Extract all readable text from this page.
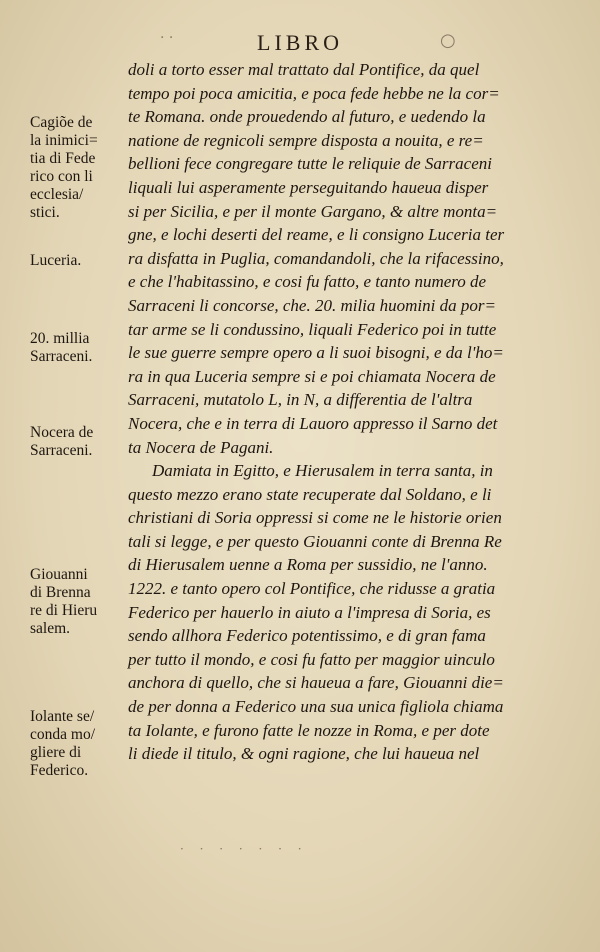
· ·	LIBRO	○
doli a torto esser mal trattato dal Pontifice, da quel
tempo poi poca amicitia, e poca fede hebbe ne la cor=
te Romana. onde prouedendo al futuro, e uedendo la
natione de regnicoli sempre disposta a nouita, e re=
bellioni fece congregare tutte le reliquie de Sarraceni
liquali lui asperamente perseguitando haueua disper
si per Sicilia, e per il monte Gargano, & altre monta=
gne, e lochi deserti del reame, e li consigno Luceria ter
ra disfatta in Puglia, comandandoli, che la rifacessino,
e che l'habitassino, e cosi fu fatto, e tanto numero de
Sarraceni li concorse, che. 20. milia huomini da por=
tar arme se li condussino, liquali Federico poi in tutte
le sue guerre sempre opero a li suoi bisogni, e da l'ho=
ra in qua Luceria sempre si e poi chiamata Nocera de
Sarraceni, mutatolo L, in N, a differentia de l'altra
Nocera, che e in terra di Lauoro appresso il Sarno det
ta Nocera de Pagani.
Damiata in Egitto, e Hierusalem in terra santa, in
questo mezzo erano state recuperate dal Soldano, e li
christiani di Soria oppressi si come ne le historie orien
tali si legge, e per questo Giouanni conte di Brenna Re
di Hierusalem uenne a Roma per sussidio, ne l'anno.
1222. e tanto opero col Pontifice, che ridusse a gratia
Federico per hauerlo in aiuto a l'impresa di Soria, es
sendo allhora Federico potentissimo, e di gran fama
per tutto il mondo, e cosi fu fatto per maggior uinculo
anchora di quello, che si haueua a fare, Giouanni die=
de per donna a Federico una sua unica figliola chiama
ta Iolante, e furono fatte le nozze in Roma, e per dote
li diede il titulo, & ogni ragione, che lui haueua nel
Cagiõe de
la inimici=
tia di Fede
rico con li
ecclesia/
stici.
Luceria.
20. millia
Sarraceni.
Nocera de
Sarraceni.
Giouanni
di Brenna
re di Hieru
salem.
Iolante se/
conda mo/
gliere di
Federico.
· · · · · · ·
